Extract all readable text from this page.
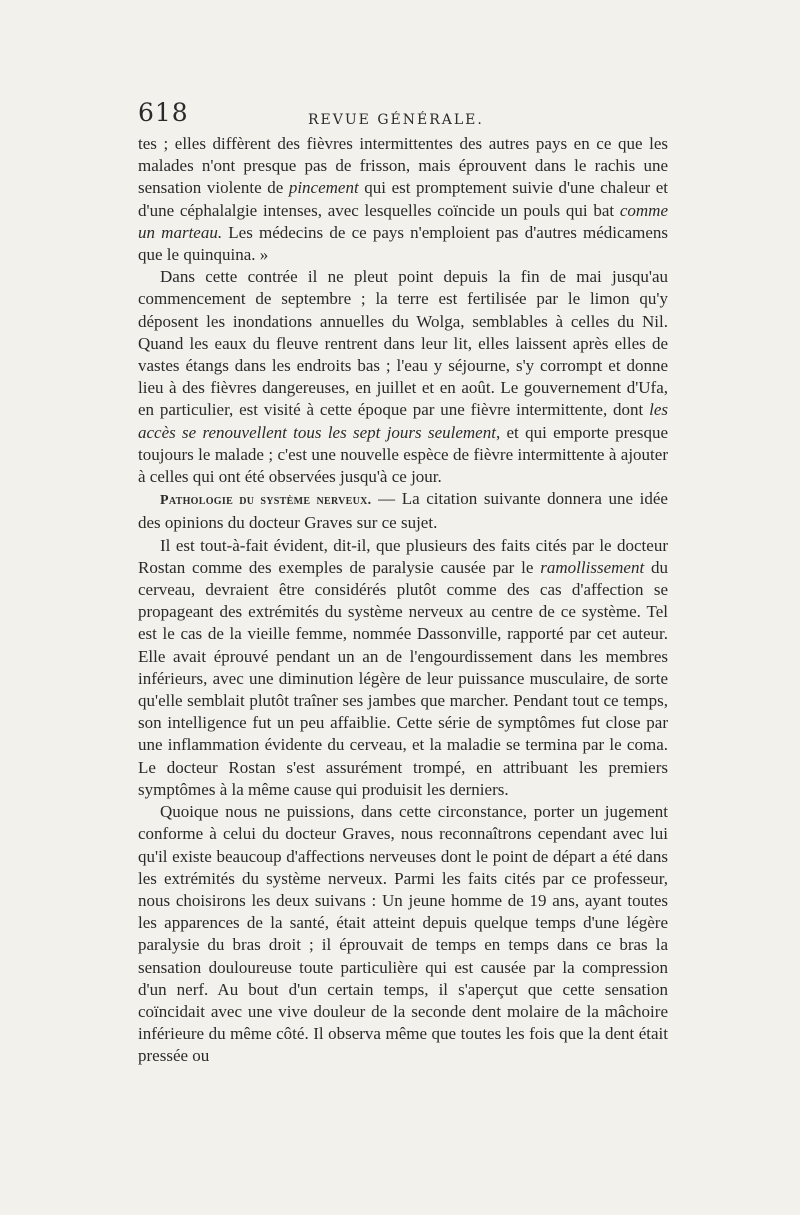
618	REVUE GÉNÉRALE.

tes ; elles diffèrent des fièvres intermittentes des autres pays en ce que les malades n'ont presque pas de frisson, mais éprouvent dans le rachis une sensation violente de pincement qui est promptement suivie d'une chaleur et d'une céphalalgie intenses, avec lesquelles coïncide un pouls qui bat comme un marteau. Les médecins de ce pays n'emploient pas d'autres médicamens que le quinquina. »

Dans cette contrée il ne pleut point depuis la fin de mai jusqu'au commencement de septembre ; la terre est fertilisée par le limon qu'y déposent les inondations annuelles du Wolga, semblables à celles du Nil. Quand les eaux du fleuve rentrent dans leur lit, elles laissent après elles de vastes étangs dans les endroits bas ; l'eau y séjourne, s'y corrompt et donne lieu à des fièvres dangereuses, en juillet et en août. Le gouvernement d'Ufa, en particulier, est visité à cette époque par une fièvre intermittente, dont les accès se renouvellent tous les sept jours seulement, et qui emporte presque toujours le malade ; c'est une nouvelle espèce de fièvre intermittente à ajouter à celles qui ont été observées jusqu'à ce jour.

Pathologie du système nerveux. — La citation suivante donnera une idée des opinions du docteur Graves sur ce sujet.

Il est tout-à-fait évident, dit-il, que plusieurs des faits cités par le docteur Rostan comme des exemples de paralysie causée par le ramollissement du cerveau, devraient être considérés plutôt comme des cas d'affection se propageant des extrémités du système nerveux au centre de ce système. Tel est le cas de la vieille femme, nommée Dassonville, rapporté par cet auteur. Elle avait éprouvé pendant un an de l'engourdissement dans les membres inférieurs, avec une diminution légère de leur puissance musculaire, de sorte qu'elle semblait plutôt traîner ses jambes que marcher. Pendant tout ce temps, son intelligence fut un peu affaiblie. Cette série de symptômes fut close par une inflammation évidente du cerveau, et la maladie se termina par le coma. Le docteur Rostan s'est assurément trompé, en attribuant les premiers symptômes à la même cause qui produisit les derniers.

Quoique nous ne puissions, dans cette circonstance, porter un jugement conforme à celui du docteur Graves, nous reconnaîtrons cependant avec lui qu'il existe beaucoup d'affections nerveuses dont le point de départ a été dans les extrémités du système nerveux. Parmi les faits cités par ce professeur, nous choisirons les deux suivans : Un jeune homme de 19 ans, ayant toutes les apparences de la santé, était atteint depuis quelque temps d'une légère paralysie du bras droit ; il éprouvait de temps en temps dans ce bras la sensation douloureuse toute particulière qui est causée par la compression d'un nerf. Au bout d'un certain temps, il s'aperçut que cette sensation coïncidait avec une vive douleur de la seconde dent molaire de la mâchoire inférieure du même côté. Il observa même que toutes les fois que la dent était pressée ou
